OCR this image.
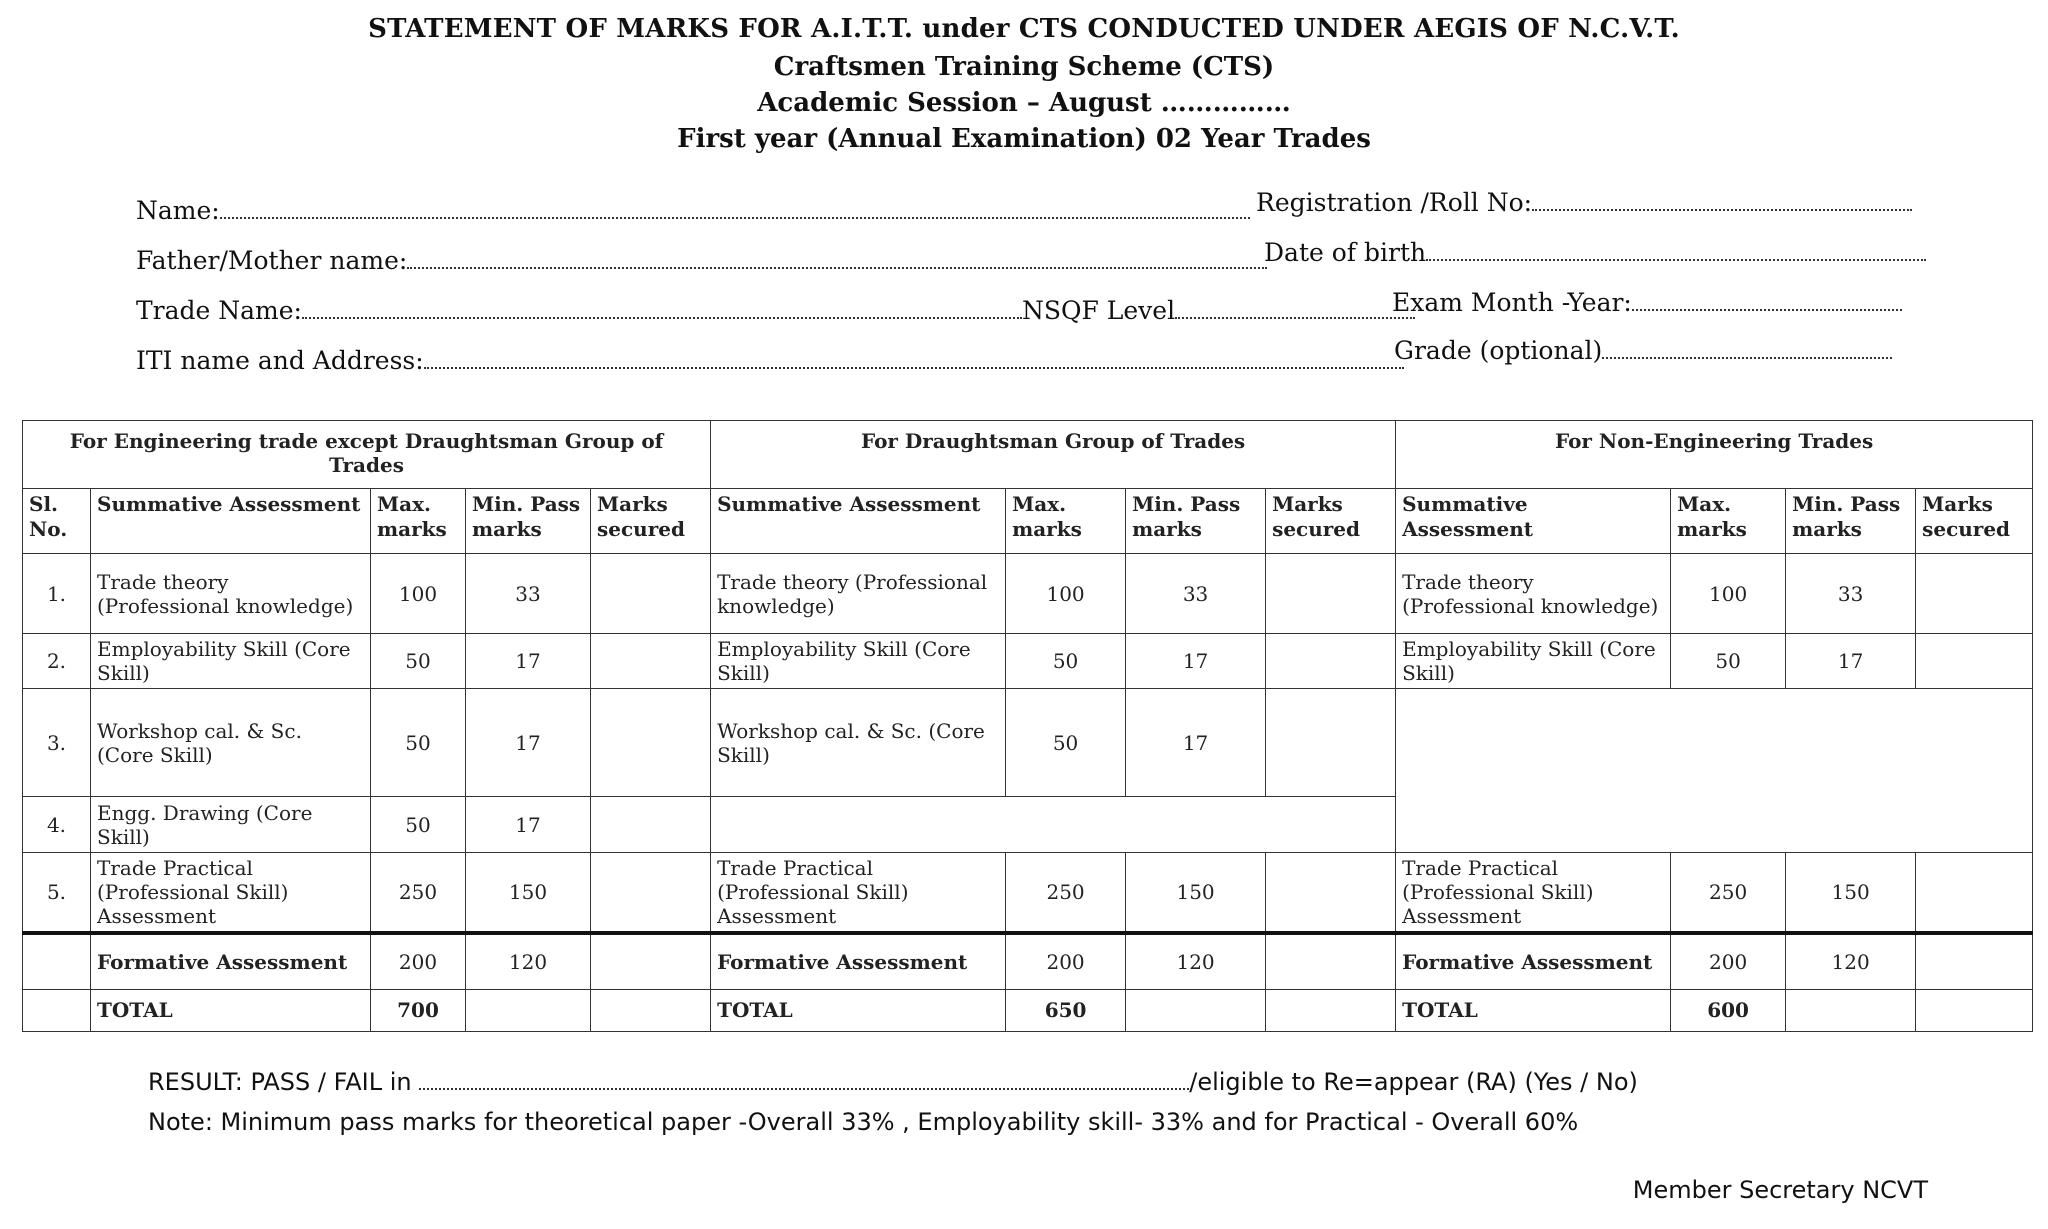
STATEMENT OF MARKS FOR A.I.T.T. under CTS CONDUCTED UNDER AEGIS OF N.C.V.T.
Craftsmen Training Scheme (CTS)
Academic Session – August ……………
First year (Annual Examination) 02 Year Trades
Name:	Registration /Roll No:
Father/Mother name:	Date of birth
Trade Name:	NSQF Level	Exam Month -Year:
ITI name and Address:	Grade (optional)
For Engineering trade except Draughtsman Group of Trades					For Draughtsman Group of Trades				For Non-Engineering Trades			
Sl. No.	Summative Assessment	Max. marks	Min. Pass marks	Marks secured	Summative Assessment	Max. marks	Min. Pass marks	Marks secured	Summative Assessment	Max. marks	Min. Pass marks	Marks secured
1.	Trade theory (Professional knowledge)	100	33		Trade theory (Professional knowledge)	100	33		Trade theory (Professional knowledge)	100	33	
2.	Employability Skill (Core Skill)	50	17		Employability Skill (Core Skill)	50	17		Employability Skill (Core Skill)	50	17	
3.	Workshop cal. & Sc. (Core Skill)	50	17		Workshop cal. & Sc. (Core Skill)	50	17					
4.	Engg. Drawing (Core Skill)	50	17									
5.	Trade Practical (Professional Skill) Assessment	250	150		Trade Practical (Professional Skill) Assessment	250	150		Trade Practical (Professional Skill) Assessment	250	150	
	Formative Assessment	200	120		Formative Assessment	200	120		Formative Assessment	200	120	
	TOTAL	700			TOTAL	650			TOTAL	600		
RESULT: PASS / FAIL in	/eligible to Re=appear (RA) (Yes / No)
Note: Minimum pass marks for theoretical paper -Overall 33% , Employability skill- 33% and for Practical - Overall 60%
Member Secretary NCVT
